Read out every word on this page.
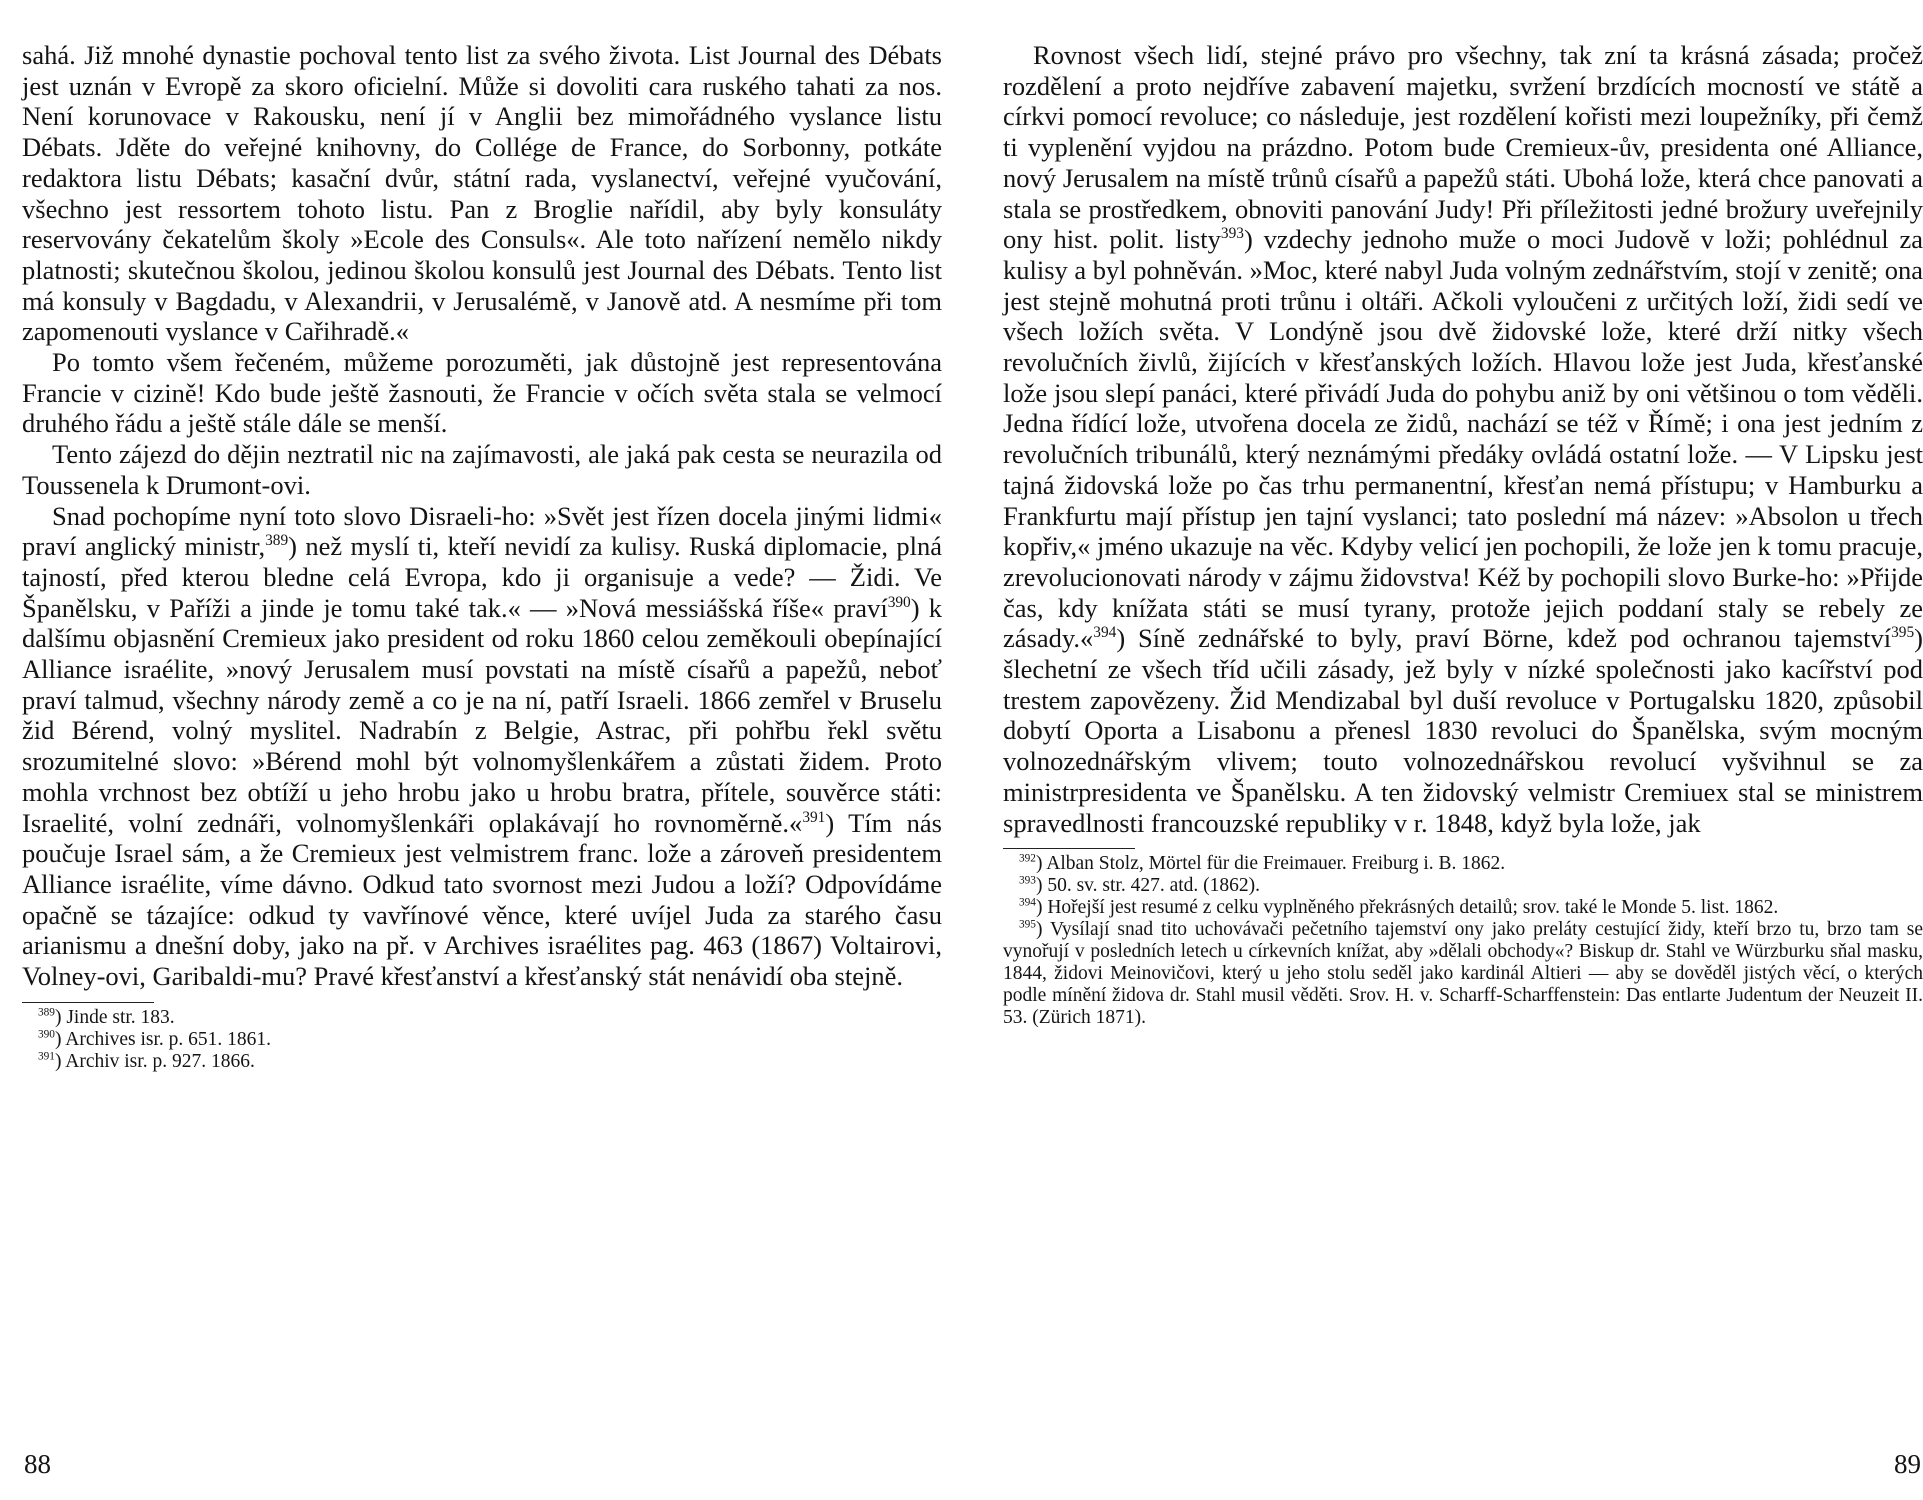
sahá. Již mnohé dynastie pochoval tento list za svého života. List Journal des Débats jest uznán v Evropě za skoro oficielní. Může si dovoliti cara ruského tahati za nos. Není korunovace v Rakousku, není jí v Anglii bez mimořádného vyslance listu Débats. Jděte do veřejné knihovny, do Collége de France, do Sorbonny, potkáte redaktora listu Débats; kasační dvůr, státní rada, vyslanectví, veřejné vyučování, všechno jest ressortem tohoto listu. Pan z Broglie nařídil, aby byly konsuláty reservovány čekatelům školy »Ecole des Consuls«. Ale toto nařízení nemělo nikdy platnosti; skutečnou školou, jedinou školou konsulů jest Journal des Débats. Tento list má konsuly v Bagdadu, v Alexandrii, v Jerusalémě, v Janově atd. A nesmíme při tom zapomenouti vyslance v Cařihradě.«

Po tomto všem řečeném, můžeme porozuměti, jak důstojně jest representována Francie v cizině! Kdo bude ještě žasnouti, že Francie v očích světa stala se velmocí druhého řádu a ještě stále dále se menší.

Tento zájezd do dějin neztratil nic na zajímavosti, ale jaká pak cesta se neurazila od Toussenela k Drumont-ovi.

Snad pochopíme nyní toto slovo Disraeli-ho: »Svět jest řízen docela jinými lidmi« praví anglický ministr,$^{389}$) než myslí ti, kteří nevidí za kulisy. Ruská diplomacie, plná tajností, před kterou bledne celá Evropa, kdo ji organisuje a vede? — Židi. Ve Španělsku, v Paříži a jinde je tomu také tak.« — »Nová messiášská říše« praví$^{390}$) k dalšímu objasnění Cremieux jako president od roku 1860 celou zeměkouli obepínající Alliance israélite, »nový Jerusalem musí povstati na místě císařů a papežů, neboť praví talmud, všechny národy země a co je na ní, patří Israeli. 1866 zemřel v Bruselu žid Bérend, volný myslitel. Nadrabín z Belgie, Astrac, při pohřbu řekl světu srozumitelné slovo: »Bérend mohl být volnomyšlenkářem a zůstati židem. Proto mohla vrchnost bez obtíží u jeho hrobu jako u hrobu bratra, přítele, souvěrce státi: Israelité, volní zednáři, volnomyšlenkáři oplakávají ho rovnoměrně.«$^{391}$) Tím nás poučuje Israel sám, a že Cremieux jest velmistrem franc. lože a zároveň presidentem Alliance israélite, víme dávno. Odkud tato svornost mezi Judou a loží? Odpovídáme opačně se tázajíce: odkud ty vavřínové věnce, které uvíjel Juda za starého času arianismu a dnešní doby, jako na př. v Archives israélites pag. 463 (1867) Voltairovi, Volney-ovi, Garibaldi-mu? Pravé křesťanství a křesťanský stát nenávidí oba stejně.

$^{389}$) Jinde str. 183.

$^{390}$) Archives isr. p. 651. 1861.

$^{391}$) Archiv isr. p. 927. 1866.

88

Rovnost všech lidí, stejné právo pro všechny, tak zní ta krásná zásada; pročež rozdělení a proto nejdříve zabavení majetku, svržení brzdících mocností ve státě a církvi pomocí revoluce; co následuje, jest rozdělení kořisti mezi loupežníky, při čemž ti vyplenění vyjdou na prázdno. Potom bude Cremieux-ův, presidenta oné Alliance, nový Jerusalem na místě trůnů císařů a papežů státi. Ubohá lože, která chce panovati a stala se prostředkem, obnoviti panování Judy! Při příležitosti jedné brožury uveřejnily ony hist. polit. listy$^{393}$) vzdechy jednoho muže o moci Judově v loži; pohlédnul za kulisy a byl pohněván. »Moc, které nabyl Juda volným zednářstvím, stojí v zenitě; ona jest stejně mohutná proti trůnu i oltáři. Ačkoli vyloučeni z určitých loží, židi sedí ve všech ložích světa. V Londýně jsou dvě židovské lože, které drží nitky všech revolučních živlů, žijících v křesťanských ložích. Hlavou lože jest Juda, křesťanské lože jsou slepí panáci, které přivádí Juda do pohybu aniž by oni většinou o tom věděli. Jedna řídící lože, utvořena docela ze židů, nachází se též v Římě; i ona jest jedním z revolučních tribunálů, který neznámými předáky ovládá ostatní lože. — V Lipsku jest tajná židovská lože po čas trhu permanentní, křesťan nemá přístupu; v Hamburku a Frankfurtu mají přístup jen tajní vyslanci; tato poslední má název: »Absolon u třech kopřiv,« jméno ukazuje na věc. Kdyby velicí jen pochopili, že lože jen k tomu pracuje, zrevolucionovati národy v zájmu židovstva! Kéž by pochopili slovo Burke-ho: »Přijde čas, kdy knížata státi se musí tyrany, protože jejich poddaní staly se rebely ze zásady.«$^{394}$) Síně zednářské to byly, praví Börne, kdež pod ochranou tajemství$^{395}$) šlechetní ze všech tříd učili zásady, jež byly v nízké společnosti jako kacířství pod trestem zapovězeny. Žid Mendizabal byl duší revoluce v Portugalsku 1820, způsobil dobytí Oporta a Lisabonu a přenesl 1830 revoluci do Španělska, svým mocným volnozednářským vlivem; touto volnozednářskou revolucí vyšvihnul se za ministrpresidenta ve Španělsku. A ten židovský velmistr Cremiuex stal se ministrem spravedlnosti francouzské republiky v r. 1848, když byla lože, jak

$^{392}$) Alban Stolz, Mörtel für die Freimauer. Freiburg i. B. 1862.

$^{393}$) 50. sv. str. 427. atd. (1862).

$^{394}$) Hořejší jest resumé z celku vyplněného překrásných detailů; srov. také le Monde 5. list. 1862.

$^{395}$) Vysílají snad tito uchovávači pečetního tajemství ony jako preláty cestující židy, kteří brzo tu, brzo tam se vynořují v posledních letech u církevních knížat, aby »dělali obchody«? Biskup dr. Stahl ve Würzburku sňal masku, 1844, židovi Meinovičovi, který u jeho stolu seděl jako kardinál Altieri — aby se dověděl jistých věcí, o kterých podle mínění židova dr. Stahl musil věděti. Srov. H. v. Scharff-Scharffenstein: Das entlarte Judentum der Neuzeit II. 53. (Zürich 1871).

89
